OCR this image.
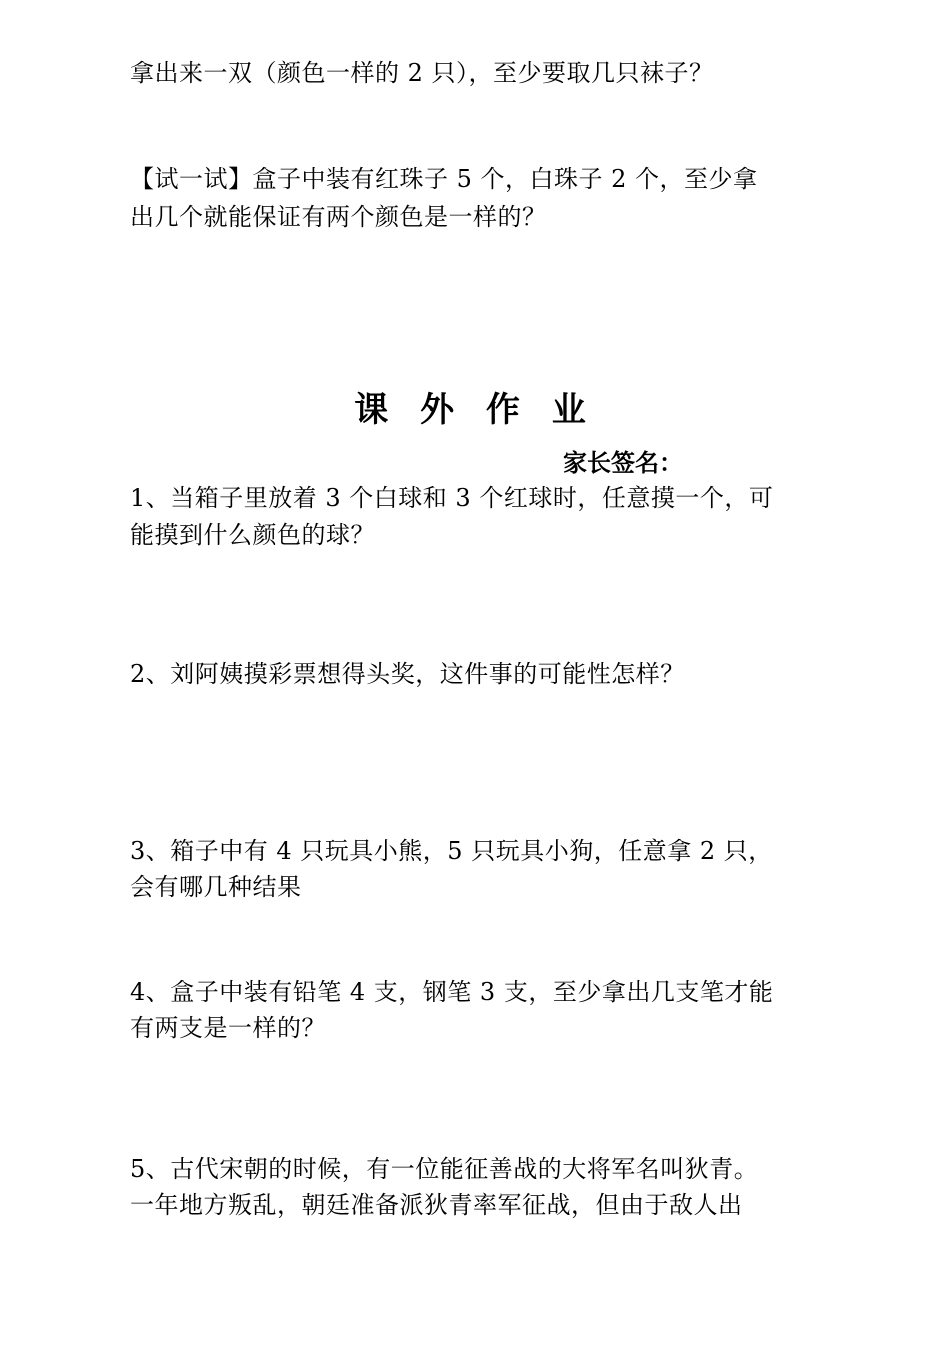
拿出来一双（颜色一样的 2 只），至少要取几只袜子？
【试一试】盒子中装有红珠子 5 个，白珠子 2 个，至少拿
出几个就能保证有两个颜色是一样的？
课 外 作 业
家长签名：
1、当箱子里放着 3 个白球和 3 个红球时，任意摸一个，可
能摸到什么颜色的球？
2、刘阿姨摸彩票想得头奖，这件事的可能性怎样？
3、箱子中有 4 只玩具小熊，5 只玩具小狗，任意拿 2 只，
会有哪几种结果
4、盒子中装有铅笔 4 支，钢笔 3 支，至少拿出几支笔才能
有两支是一样的？
5、古代宋朝的时候，有一位能征善战的大将军名叫狄青。
一年地方叛乱，朝廷准备派狄青率军征战，但由于敌人出
